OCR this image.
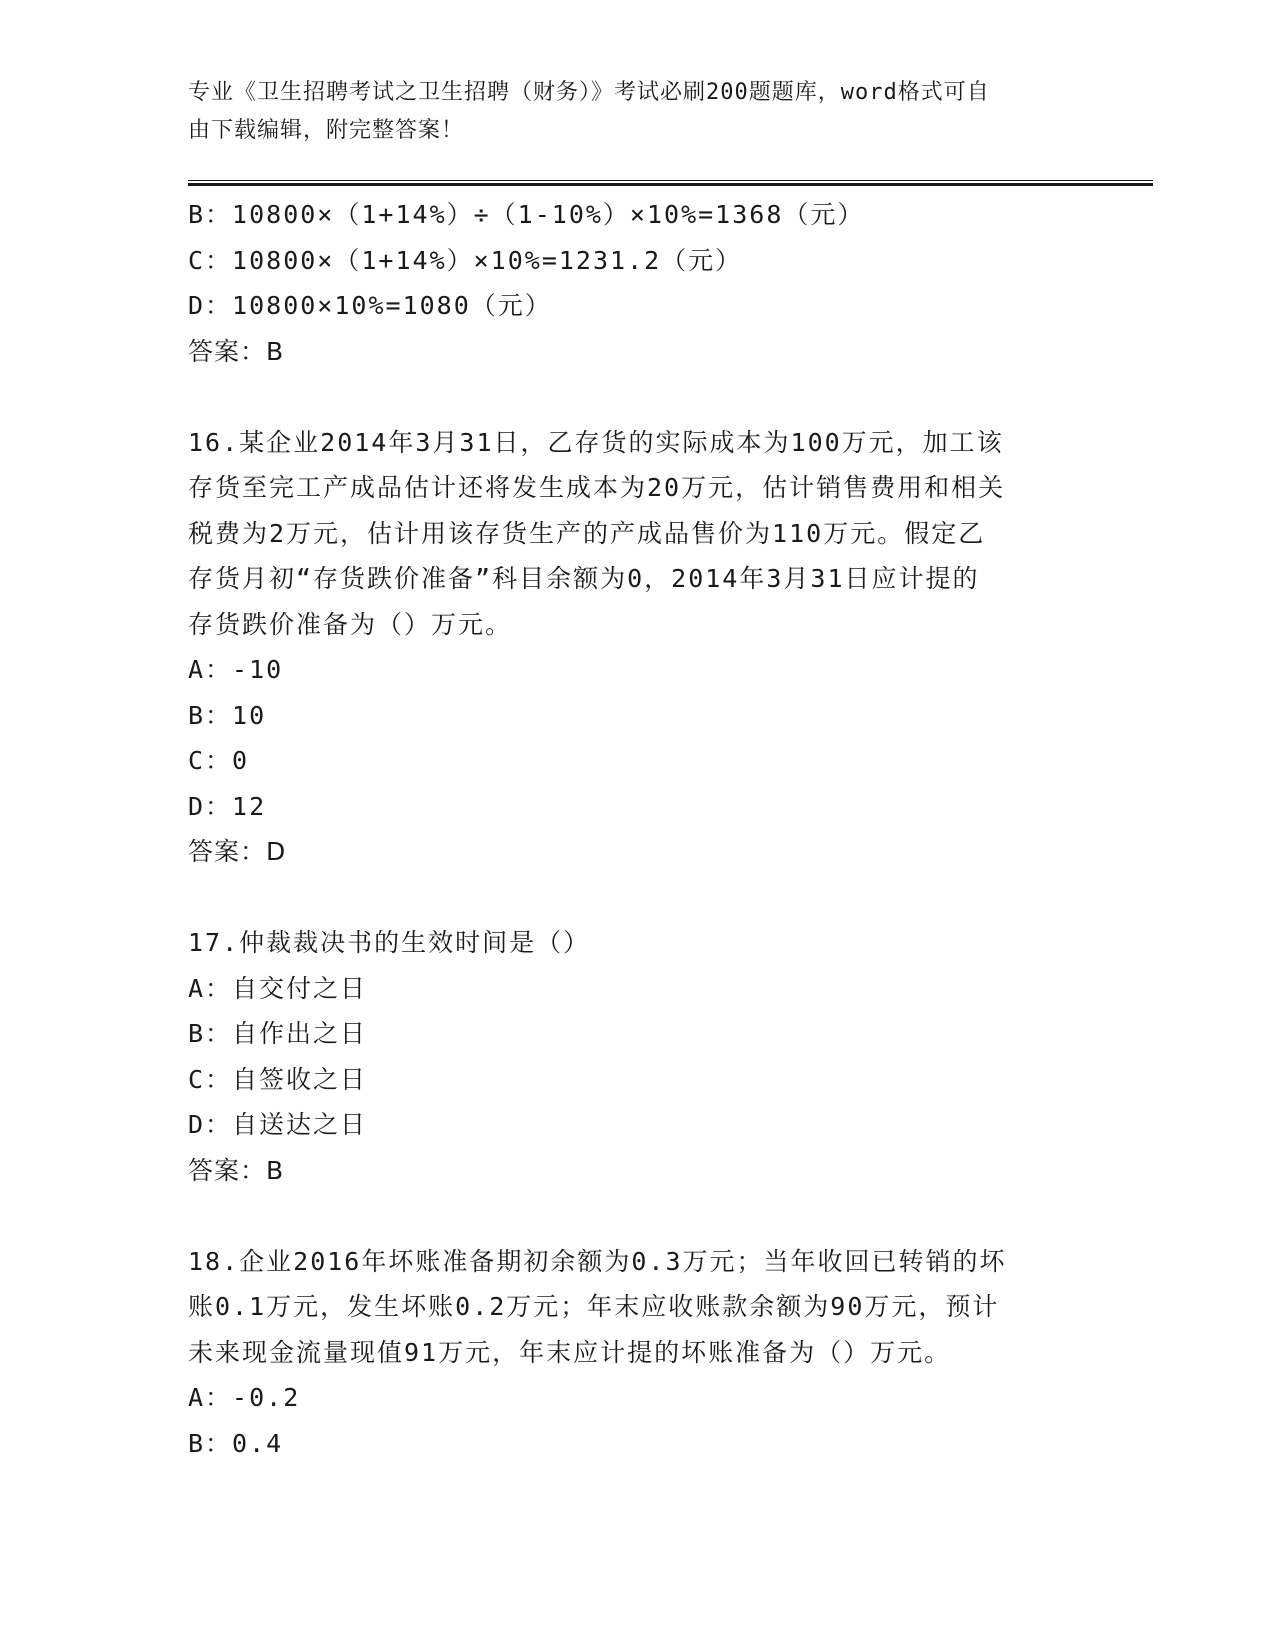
专业《卫生招聘考试之卫生招聘（财务）》考试必刷200题题库，word格式可自
由下载编辑，附完整答案！
B：10800×（1+14%）÷（1-10%）×10%=1368（元）
C：10800×（1+14%）×10%=1231.2（元）
D：10800×10%=1080（元）
答案：B
16.某企业2014年3月31日，乙存货的实际成本为100万元，加工该
存货至完工产成品估计还将发生成本为20万元，估计销售费用和相关
税费为2万元，估计用该存货生产的产成品售价为110万元。假定乙
存货月初“存货跌价准备”科目余额为0，2014年3月31日应计提的
存货跌价准备为（）万元。
A：-10
B：10
C：0
D：12
答案：D
17.仲裁裁决书的生效时间是（）
A：自交付之日
B：自作出之日
C：自签收之日
D：自送达之日
答案：B
18.企业2016年坏账准备期初余额为0.3万元；当年收回已转销的坏
账0.1万元，发生坏账0.2万元；年末应收账款余额为90万元，预计
未来现金流量现值91万元，年末应计提的坏账准备为（）万元。
A：-0.2
B：0.4
